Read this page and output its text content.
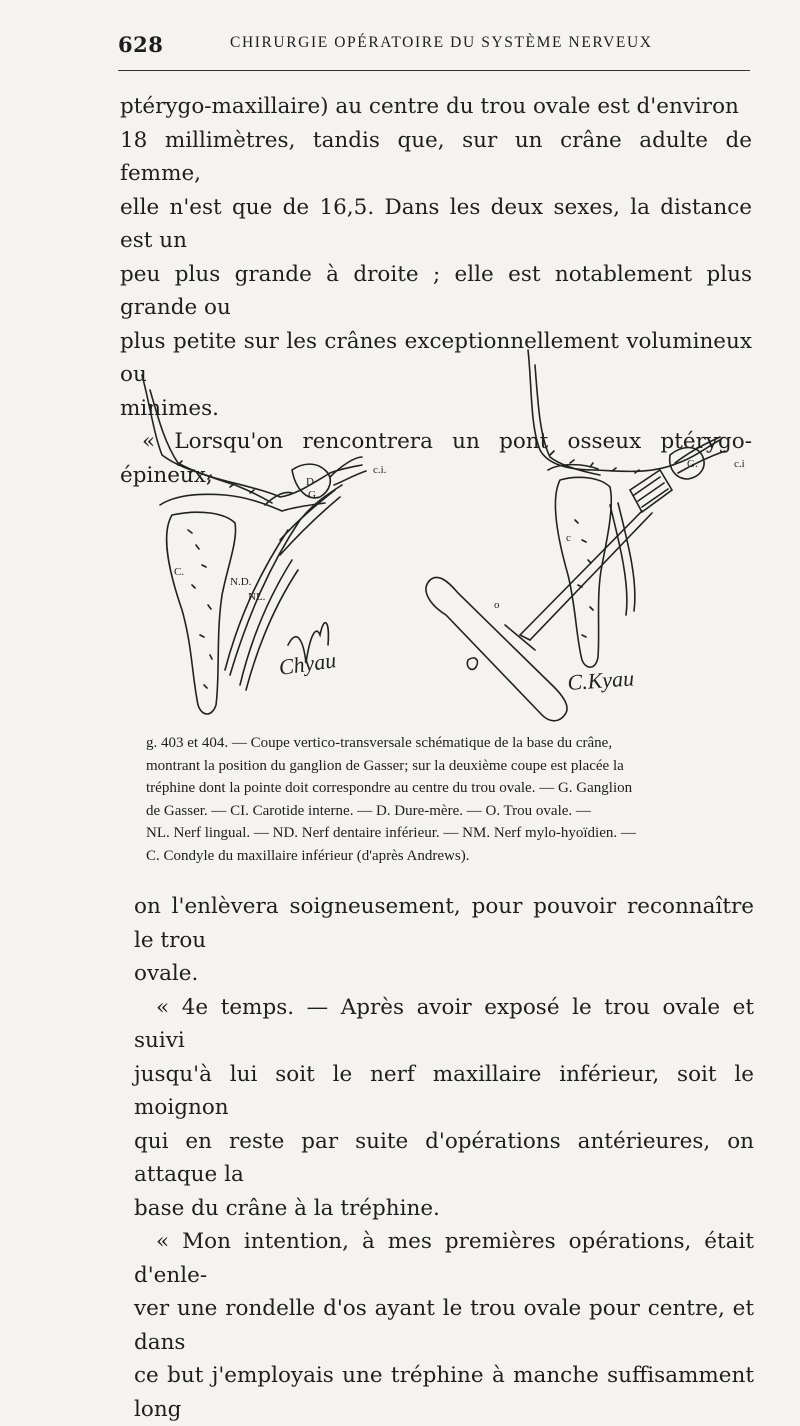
628	CHIRURGIE OPÉRATOIRE DU SYSTÈME NERVEUX
ptérygo-maxillaire) au centre du trou ovale est d'environ
18 millimètres, tandis que, sur un crâne adulte de femme,
elle n'est que de 16,5. Dans les deux sexes, la distance est un
peu plus grande à droite ; elle est notablement plus grande ou
plus petite sur les crânes exceptionnellement volumineux ou
minimes.
« Lorsqu'on rencontrera un pont osseux ptérygo-épineux,	D
G.
c.i.
C.
N.D.
NL.
G.	c.i
c
o
Chyau
C.Kyau
g. 403 et 404. — Coupe vertico-transversale schématique de la base du crâne,
montrant la position du ganglion de Gasser; sur la deuxième coupe est placée la
tréphine dont la pointe doit correspondre au centre du trou ovale. — G. Ganglion
de Gasser. — CI. Carotide interne. — D. Dure-mère. — O. Trou ovale. —
NL. Nerf lingual. — ND. Nerf dentaire inférieur. — NM. Nerf mylo-hyoïdien. —
C. Condyle du maxillaire inférieur (d'après Andrews).
on l'enlèvera soigneusement, pour pouvoir reconnaître le trou
ovale.
« 4e temps. — Après avoir exposé le trou ovale et suivi
jusqu'à lui soit le nerf maxillaire inférieur, soit le moignon
qui en reste par suite d'opérations antérieures, on attaque la
base du crâne à la tréphine.
« Mon intention, à mes premières opérations, était d'enle-
ver une rondelle d'os ayant le trou ovale pour centre, et dans
ce but j'employais une tréphine à manche suffisamment long
